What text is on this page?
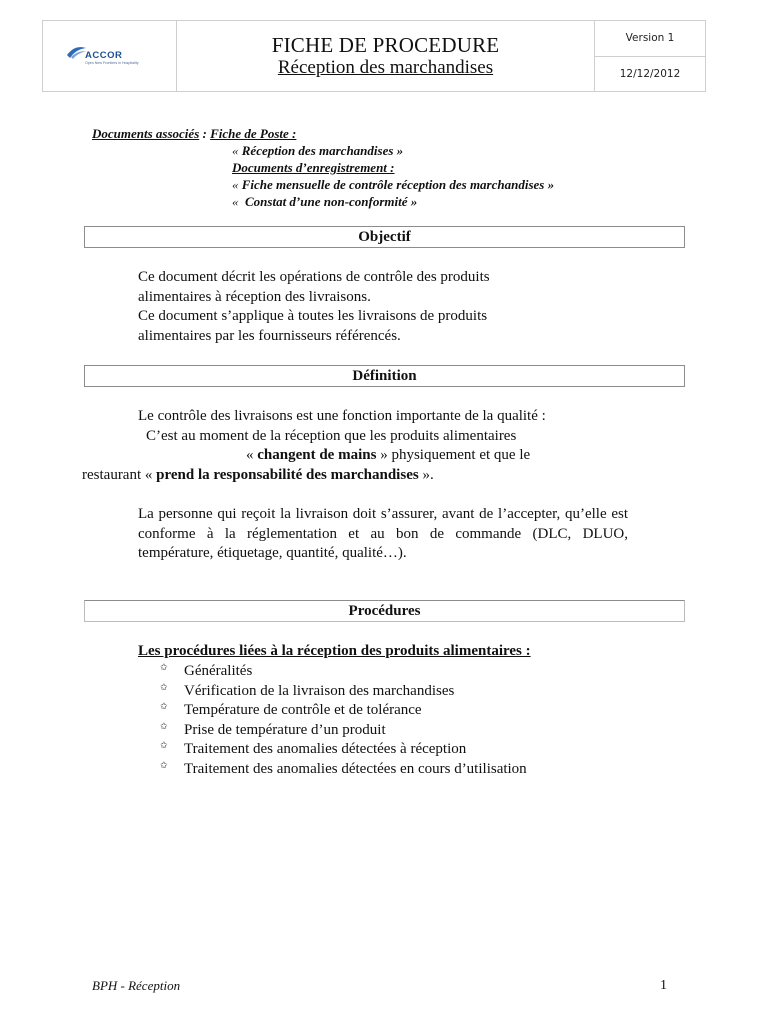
ACCOR
Open New Frontiers in Hospitality
FICHE DE PROCEDURE
Réception des marchandises
Version 1
12/12/2012
Documents associés : Fiche de Poste :
« Réception des marchandises »
Documents d’enregistrement :
« Fiche mensuelle de contrôle réception des marchandises »
«  Constat d’une non-conformité »
Objectif
Ce document décrit les opérations de contrôle des produits
alimentaires à réception des livraisons.
Ce document s’applique à toutes les livraisons de produits
alimentaires par les fournisseurs référencés.
Définition
Le contrôle des livraisons est une fonction importante de la qualité :
C’est au moment de la réception que les produits alimentaires
« changent de mains » physiquement et que le
restaurant « prend la responsabilité des marchandises ».
La personne qui reçoit la livraison doit s’assurer, avant de l’accepter, qu’elle est conforme à la réglementation et au bon de commande (DLC, DLUO, température, étiquetage, quantité, qualité…).
Procédures
Les procédures liées à la réception des produits alimentaires :
✩	Généralités
✩	Vérification de la livraison des marchandises
✩	Température de contrôle et de tolérance
✩	Prise de température d’un produit
✩	Traitement des anomalies détectées à réception
✩	Traitement des anomalies détectées en cours d’utilisation
BPH - Réception	1
